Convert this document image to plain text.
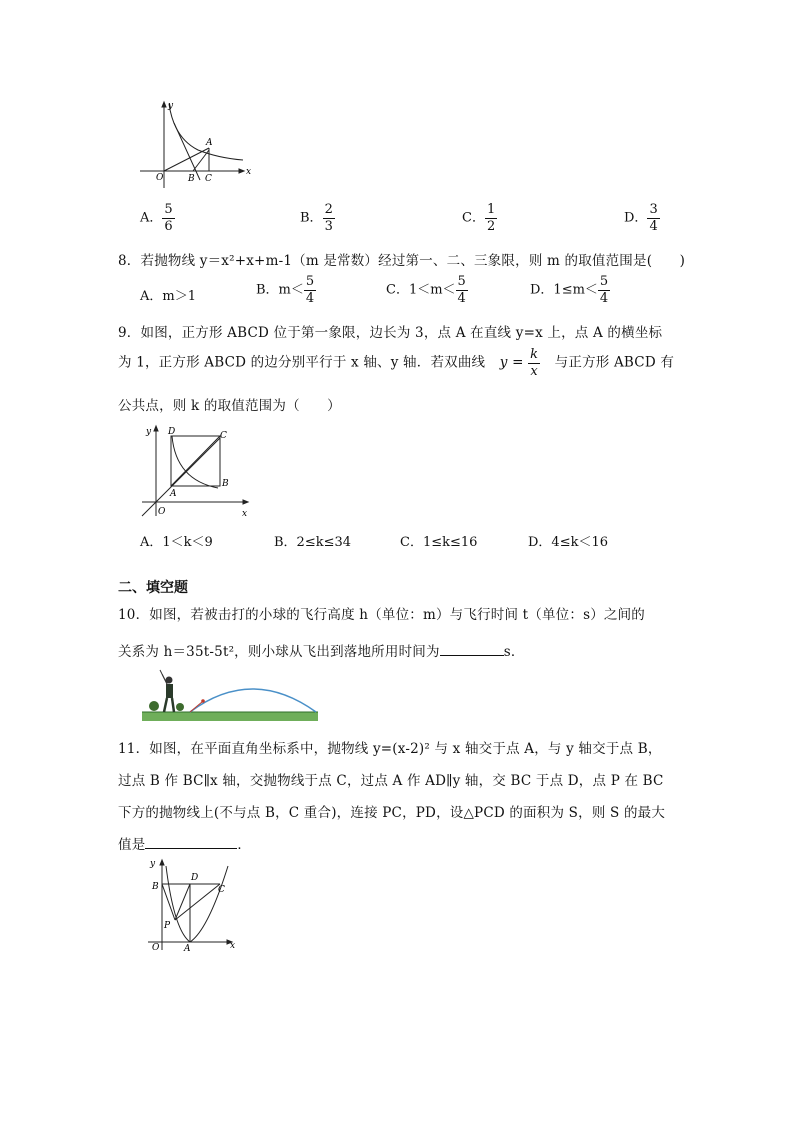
y
x
O
A
B C
A． $\frac{5}{6}$	B． $\frac{2}{3}$	C． $\frac{1}{2}$	D． $\frac{3}{4}$
8．若抛物线 y＝x²+x+m-1（m 是常数）经过第一、二、三象限，则 m 的取值范围是(　　)
A．m＞1	B．$m< \frac{5}{4}$	C．$1<m< \frac{5}{4}$	D．$1\le m< \frac{5}{4}$
9．如图，正方形 ABCD 位于第一象限，边长为 3，点 A 在直线 y=x 上，点 A 的横坐标
为 1，正方形 ABCD 的边分别平行于 x 轴、y 轴．若双曲线 $y = \frac{k}{x}$ 与正方形 ABCD 有
公共点，则 k 的取值范围为（　　）
y
x
O
D	C
A
B
A．1＜k＜9	B．2≤k≤34	C．1≤k≤16	D．4≤k＜16
二、填空题
10．如图，若被击打的小球的飞行高度 h（单位：m）与飞行时间 t（单位：s）之间的
关系为 h＝35t-5t²，则小球从飞出到落地所用时间为	s．
11．如图，在平面直角坐标系中，抛物线 y=(x-2)² 与 x 轴交于点 A，与 y 轴交于点 B，
过点 B 作 BC∥x 轴，交抛物线于点 C，过点 A 作 AD∥y 轴，交 BC 于点 D，点 P 在 BC
下方的抛物线上(不与点 B，C 重合)，连接 PC，PD，设△PCD 的面积为 S，则 S 的最大
值是	．
y
x
O
B
D
C
P
A
